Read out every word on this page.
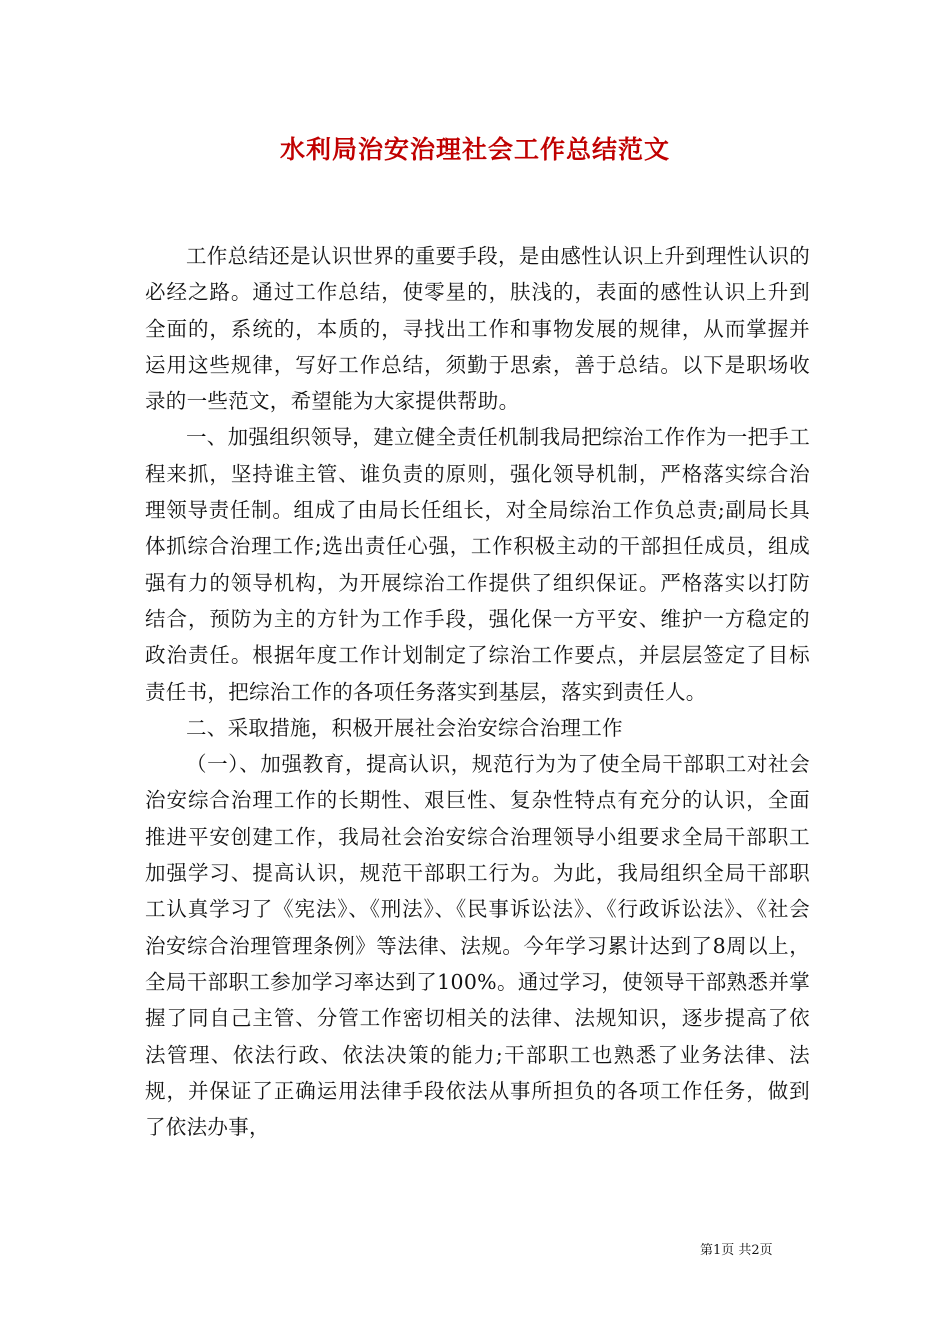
水利局治安治理社会工作总结范文

工作总结还是认识世界的重要手段，是由感性认识上升到理性认识的必经之路。通过工作总结，使零星的，肤浅的，表面的感性认识上升到全面的，系统的，本质的，寻找出工作和事物发展的规律，从而掌握并运用这些规律，写好工作总结，须勤于思索，善于总结。以下是职场收录的一些范文，希望能为大家提供帮助。

一、加强组织领导，建立健全责任机制我局把综治工作作为一把手工程来抓，坚持谁主管、谁负责的原则，强化领导机制，严格落实综合治理领导责任制。组成了由局长任组长，对全局综治工作负总责;副局长具体抓综合治理工作;选出责任心强，工作积极主动的干部担任成员，组成强有力的领导机构，为开展综治工作提供了组织保证。严格落实以打防结合，预防为主的方针为工作手段，强化保一方平安、维护一方稳定的政治责任。根据年度工作计划制定了综治工作要点，并层层签定了目标责任书，把综治工作的各项任务落实到基层，落实到责任人。

二、采取措施，积极开展社会治安综合治理工作

（一）、加强教育，提高认识，规范行为为了使全局干部职工对社会治安综合治理工作的长期性、艰巨性、复杂性特点有充分的认识，全面推进平安创建工作，我局社会治安综合治理领导小组要求全局干部职工加强学习、提高认识，规范干部职工行为。为此，我局组织全局干部职工认真学习了《宪法》、《刑法》、《民事诉讼法》、《行政诉讼法》、《社会治安综合治理管理条例》等法律、法规。今年学习累计达到了8周以上，全局干部职工参加学习率达到了100%。通过学习，使领导干部熟悉并掌握了同自己主管、分管工作密切相关的法律、法规知识，逐步提高了依法管理、依法行政、依法决策的能力;干部职工也熟悉了业务法律、法规，并保证了正确运用法律手段依法从事所担负的各项工作任务，做到了依法办事，

第1页 共2页
